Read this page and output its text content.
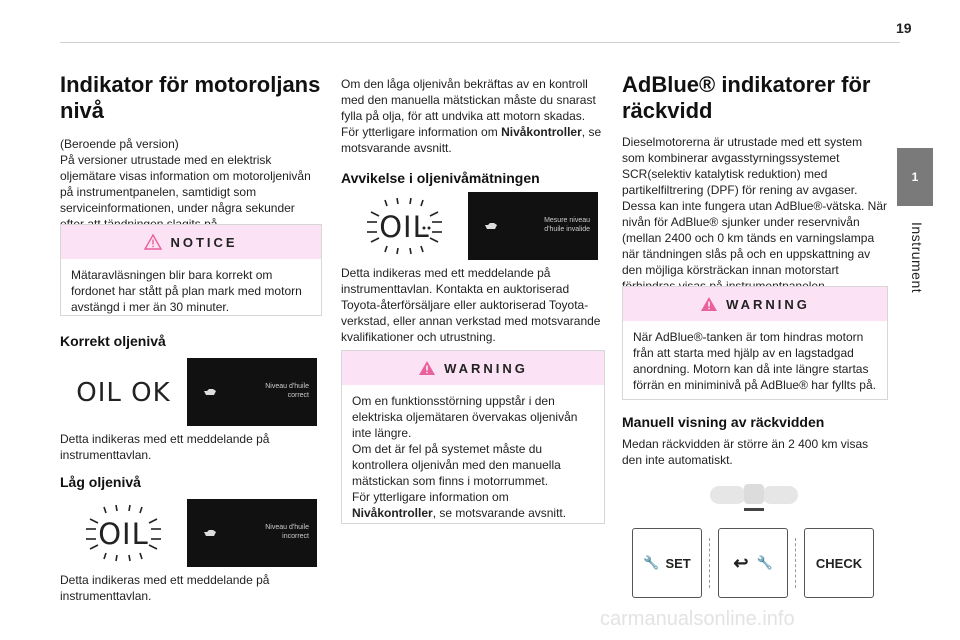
19
1
Instrument
Indikator för motoroljans nivå

(Beroende på version)

På versioner utrustade med en elektrisk oljemätare visas information om motoroljenivån på instrumentpanelen, samtidigt som serviceinformationen, under några sekunder

NOTICE
Mätaravläsningen blir bara korrekt om fordonet har stått på plan mark med motorn avstängd i mer än 30 minuter.
Korrekt oljenivå
OIL OK	Niveau d'huile correct

Detta indikeras med ett meddelande på instrumenttavlan.

Låg oljenivå
OIL	Niveau d'huile incorrect

Detta indikeras med ett meddelande på instrumenttavlan.

Om den låga oljenivån bekräftas av en kontroll med den manuella mätstickan måste du snarast fylla på olja, för att undvika att motorn skadas. För ytterligare information om Nivåkontroller, se motsvarande avsnitt.

Avvikelse i oljenivåmätningen
OIL	Mesure niveau d'huile invalide

Detta indikeras med ett meddelande på instrumenttavlan. Kontakta en auktoriserad Toyota-återförsäljare eller auktoriserad Toyota-verkstad, eller annan verkstad med motsvarande kvalifikationer och utrustning.

WARNING
Om en funktionsstörning uppstår i den elektriska oljemätaren övervakas oljenivån inte längre.
Om det är fel på systemet måste du kontrollera oljenivån med den manuella mätstickan som finns i motorrummet.
För ytterligare information om Nivåkontroller, se motsvarande avsnitt.
AdBlue® indikatorer för räckvidd

Dieselmotorerna är utrustade med ett system som kombinerar avgasstyrningssystemet SCR(selektiv katalytisk reduktion) med partikelfiltrering (DPF) för rening av avgaser. Dessa kan inte fungera utan AdBlue®-vätska. När nivån för AdBlue® sjunker under reservnivån (mellan 2400 och 0 km tänds en varningslampa när tändningen slås på och en uppskattning av den möjliga körsträckan innan motorstart

WARNING
När AdBlue®-tanken är tom hindras motorn från att starta med hjälp av en lagstadgad anordning. Motorn kan då inte längre startas förrän en miniminivå på AdBlue® har fyllts på.
Manuell visning av räckvidden

Medan räckvidden är större än 2 400 km visas den inte automatiskt.

🔧 SET ↩ 🔧	CHECK
carmanualsonline.info
